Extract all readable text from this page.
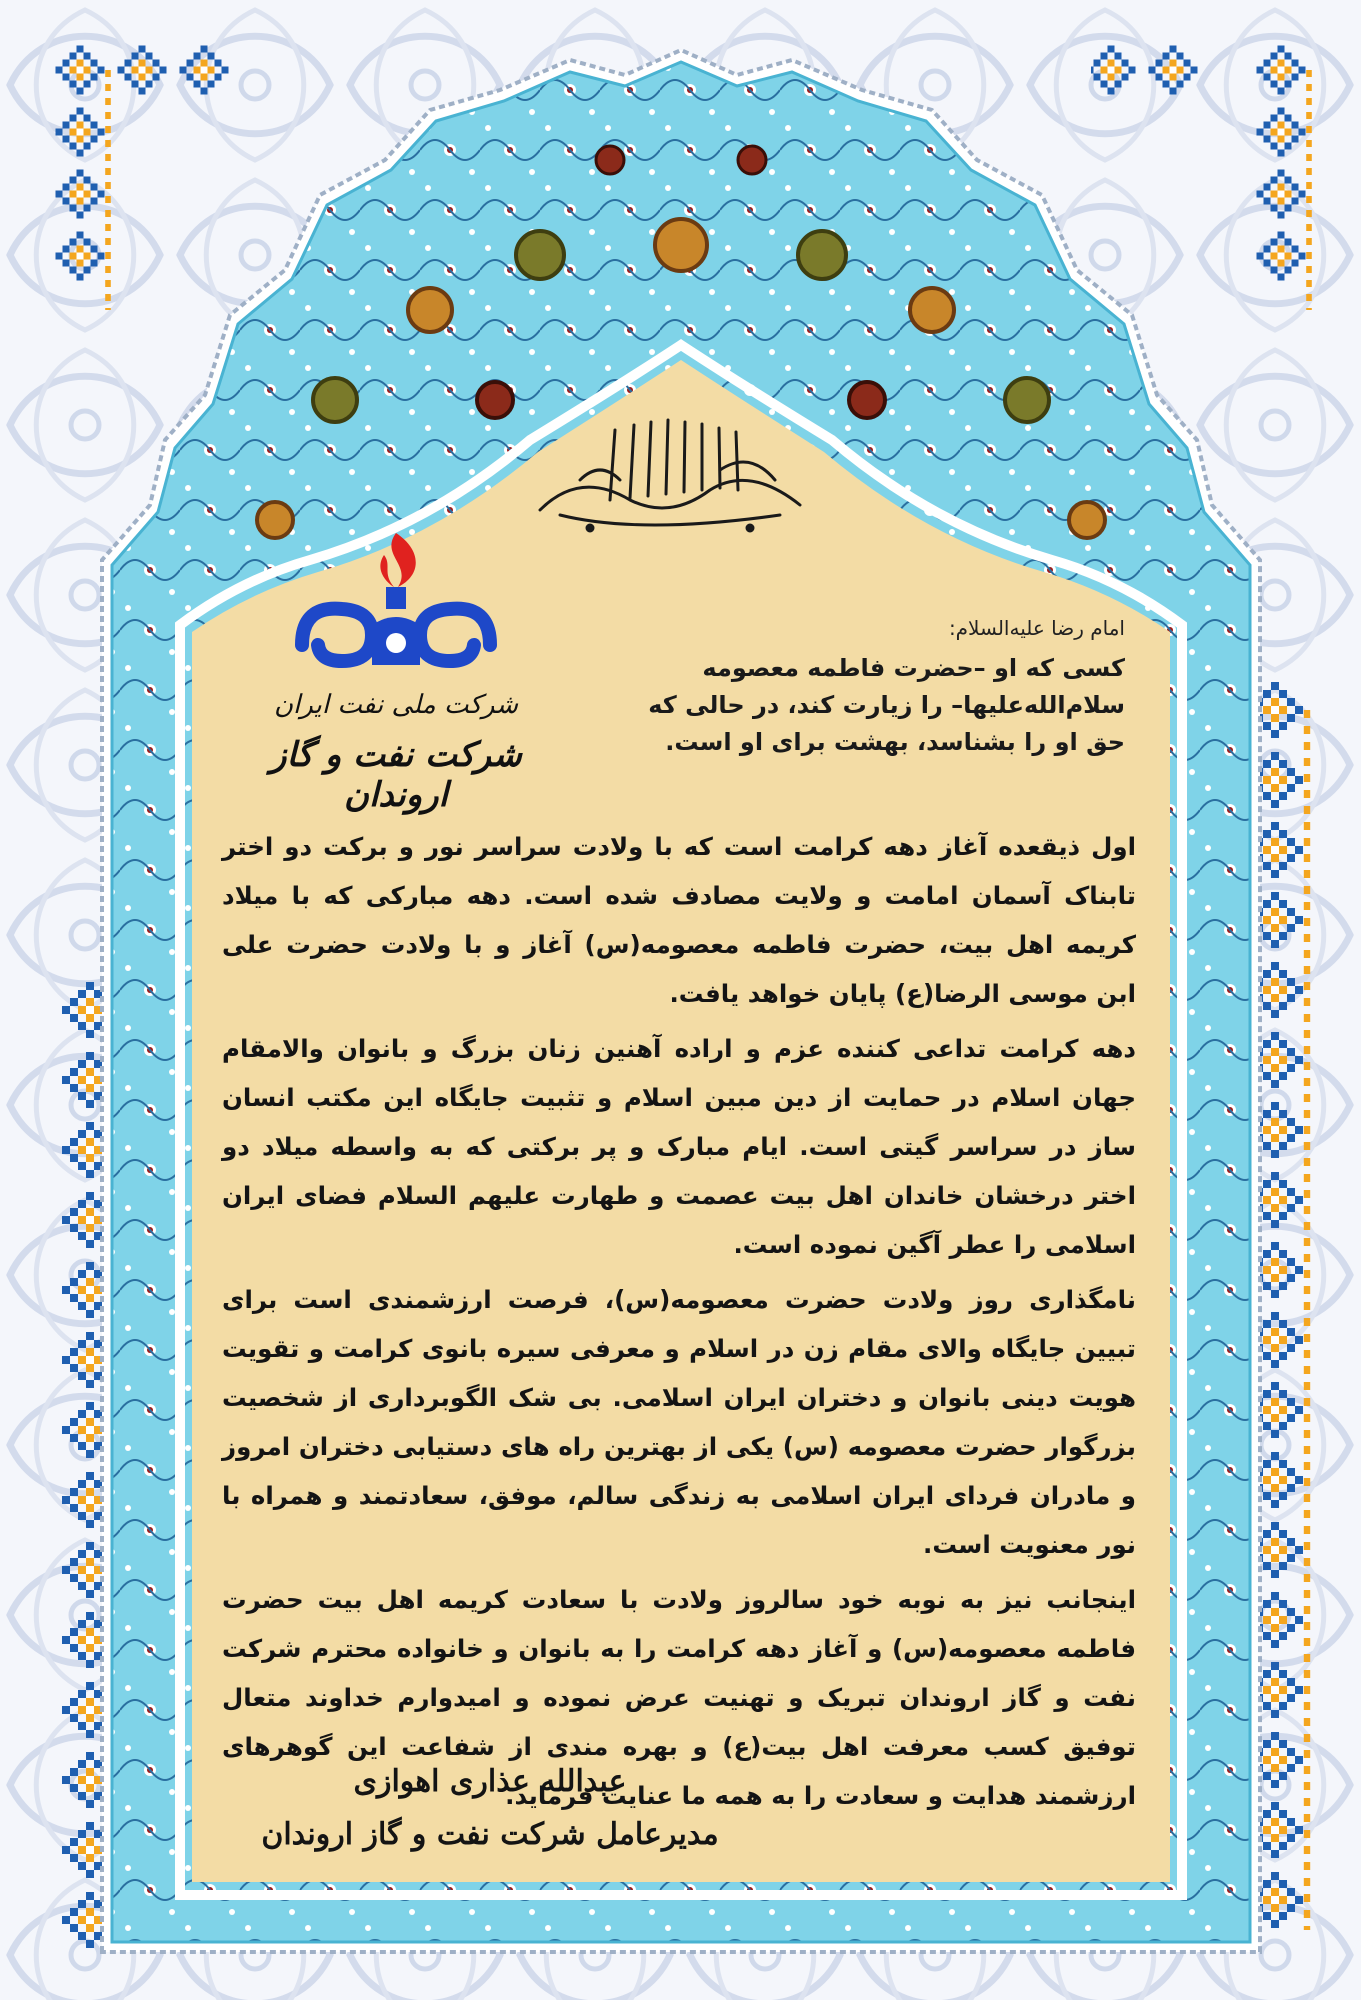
شرکت ملی نفت ایران
شرکت نفت و گاز اروندان
امام رضا علیه‌السلام:
کسی که او –حضرت فاطمه معصومه سلام‌الله‌علیها– را زیارت کند، در حالی که حق او را بشناسد، بهشت برای او است.

اول ذیقعده آغاز دهه کرامت است که با ولادت سراسر نور و برکت دو اختر تابناک آسمان امامت و ولایت مصادف شده است. دهه مبارکی که با میلاد کریمه اهل بیت، حضرت فاطمه معصومه(س) آغاز و با ولادت حضرت علی ابن موسی الرضا(ع) پایان خواهد یافت.

دهه کرامت تداعی کننده عزم و اراده آهنین زنان بزرگ و بانوان والامقام جهان اسلام در حمایت از دین مبین اسلام و تثبیت جایگاه این مکتب انسان ساز در سراسر گیتی است. ایام مبارک و پر برکتی که به واسطه میلاد دو اختر درخشان خاندان اهل بیت عصمت و طهارت علیهم السلام فضای ایران اسلامی را عطر آگین نموده است.

نامگذاری روز ولادت حضرت معصومه(س)، فرصت ارزشمندی است برای تبیین جایگاه والای مقام زن در اسلام و معرفی سیره بانوی کرامت و تقویت هویت دینی بانوان و دختران ایران اسلامی. بی شک الگوبرداری از شخصیت بزرگوار حضرت معصومه (س) یکی از بهترین راه های دستیابی دختران امروز و مادران فردای ایران اسلامی به زندگی سالم، موفق، سعادتمند و همراه با نور معنویت است.

اینجانب نیز به نوبه خود سالروز ولادت با سعادت کریمه اهل بیت حضرت فاطمه معصومه(س) و آغاز دهه کرامت را به بانوان و خانواده محترم شرکت نفت و گاز اروندان تبریک و تهنیت عرض نموده و امیدوارم خداوند متعال توفیق کسب معرفت اهل بیت(ع) و بهره مندی از شفاعت این گوهرهای ارزشمند هدایت و سعادت را به همه ما عنایت فرماید.

عبدالله عذاری اهوازی
مدیرعامل شرکت نفت و گاز اروندان
